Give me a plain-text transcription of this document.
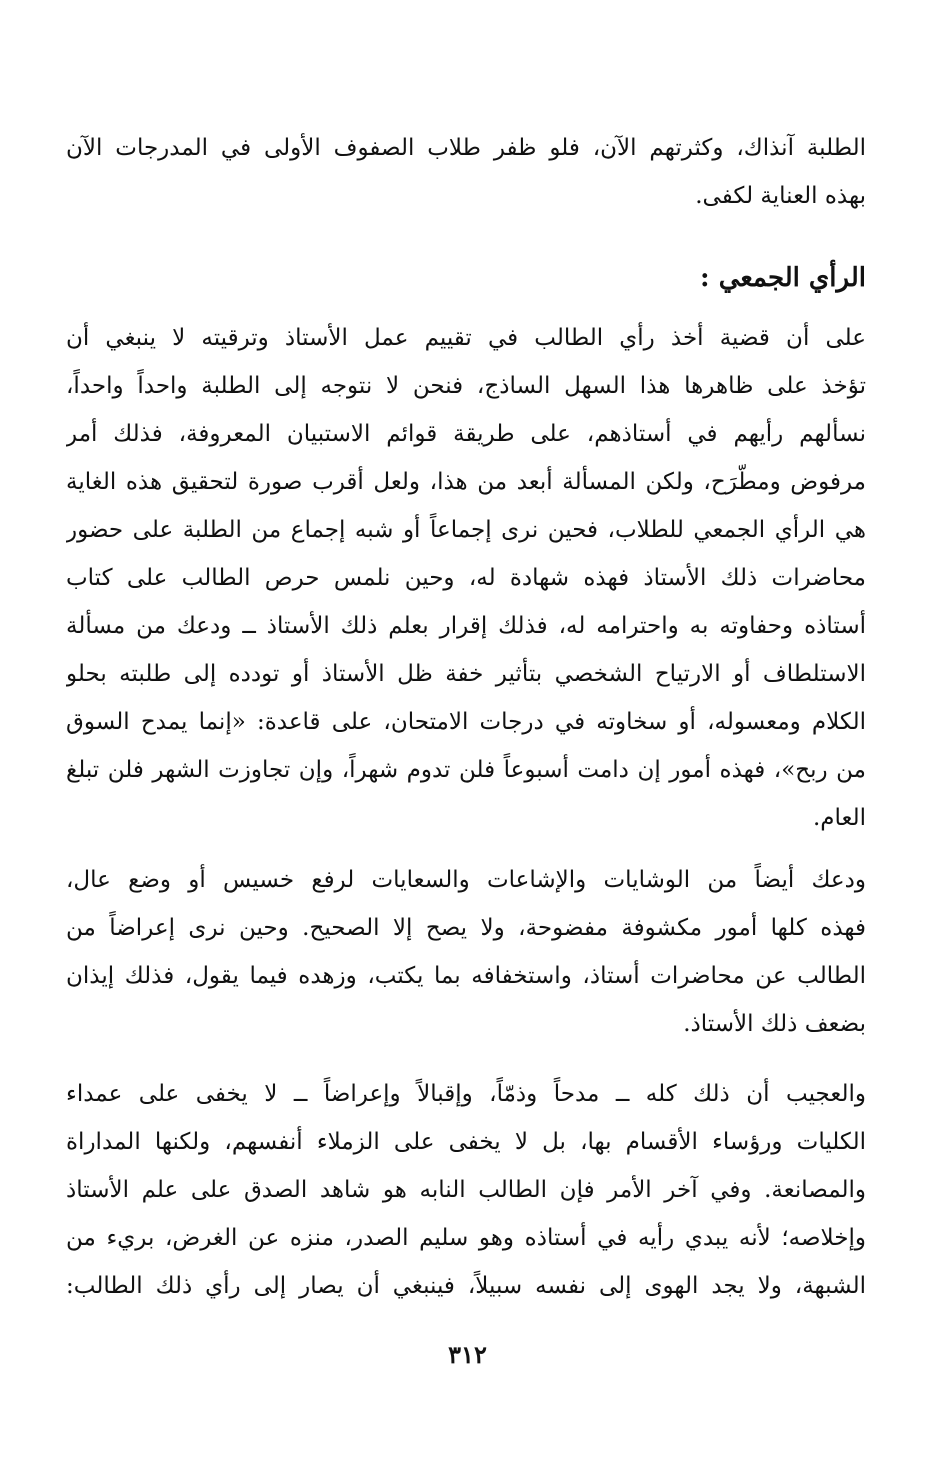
الطلبة آنذاك، وكثرتهم الآن، فلو ظفر طلاب الصفوف الأولى في المدرجات الآن
بهذه العناية لكفى.
الرأي الجمعي :
على أن قضية أخذ رأي الطالب في تقييم عمل الأستاذ وترقيته لا ينبغي أن
تؤخذ على ظاهرها هذا السهل الساذج، فنحن لا نتوجه إلى الطلبة واحداً واحداً،
نسألهم رأيهم في أستاذهم، على طريقة قوائم الاستبيان المعروفة، فذلك أمر
مرفوض ومطّرَح، ولكن المسألة أبعد من هذا، ولعل أقرب صورة لتحقيق هذه الغاية
هي الرأي الجمعي للطلاب، فحين نرى إجماعاً أو شبه إجماع من الطلبة على حضور
محاضرات ذلك الأستاذ فهذه شهادة له، وحين نلمس حرص الطالب على كتاب
أستاذه وحفاوته به واحترامه له، فذلك إقرار بعلم ذلك الأستاذ ــ ودعك من مسألة
الاستلطاف أو الارتياح الشخصي بتأثير خفة ظل الأستاذ أو تودده إلى طلبته بحلو
الكلام ومعسوله، أو سخاوته في درجات الامتحان، على قاعدة: «إنما يمدح السوق
من ربح»، فهذه أمور إن دامت أسبوعاً فلن تدوم شهراً، وإن تجاوزت الشهر فلن تبلغ
العام.
ودعك أيضاً من الوشايات والإشاعات والسعايات لرفع خسيس أو وضع عال،
فهذه كلها أمور مكشوفة مفضوحة، ولا يصح إلا الصحيح. وحين نرى إعراضاً من
الطالب عن محاضرات أستاذ، واستخفافه بما يكتب، وزهده فيما يقول، فذلك إيذان
بضعف ذلك الأستاذ.
والعجيب أن ذلك كله ــ مدحاً وذمّاً، وإقبالاً وإعراضاً ــ لا يخفى على عمداء
الكليات ورؤساء الأقسام بها، بل لا يخفى على الزملاء أنفسهم، ولكنها المداراة
والمصانعة. وفي آخر الأمر فإن الطالب النابه هو شاهد الصدق على علم الأستاذ
وإخلاصه؛ لأنه يبدي رأيه في أستاذه وهو سليم الصدر، منزه عن الغرض، بريء من
الشبهة، ولا يجد الهوى إلى نفسه سبيلاً، فينبغي أن يصار إلى رأي ذلك الطالب:
٣١٢
